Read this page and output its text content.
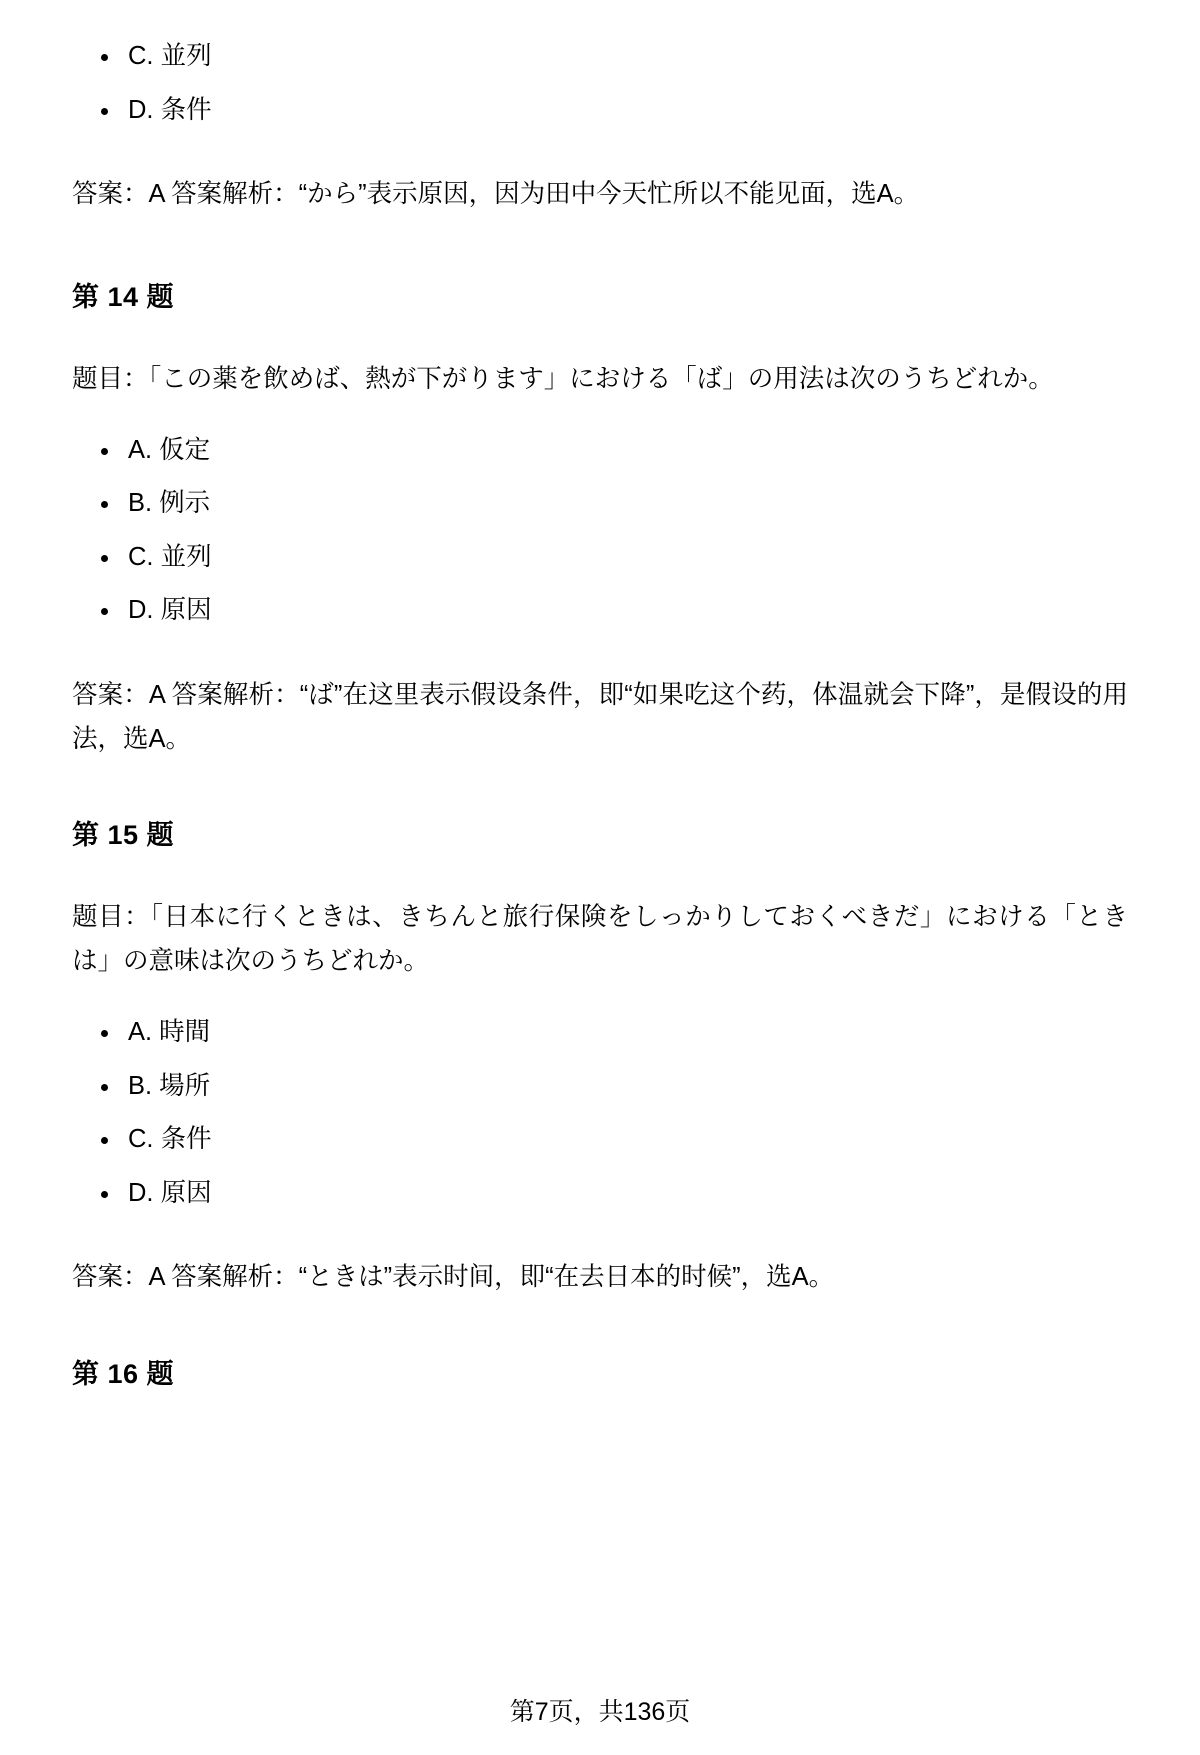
• C. 並列
• D. 条件

答案：A 答案解析：“から”表示原因，因为田中今天忙所以不能见面，选A。

第 14 题

题目：「この薬を飲めば、熱が下がります」における「ば」の用法は次のうちどれか。

• A. 仮定
• B. 例示
• C. 並列
• D. 原因

答案：A 答案解析：“ば”在这里表示假设条件，即“如果吃这个药，体温就会下降”，是假设的用法，选A。

第 15 题

题目：「日本に行くときは、きちんと旅行保険をしっかりしておくべきだ」における「ときは」の意味は次のうちどれか。

• A. 時間
• B. 場所
• C. 条件
• D. 原因

答案：A 答案解析：“ときは”表示时间，即“在去日本的时候”，选A。

第 16 题
第7页，共136页
